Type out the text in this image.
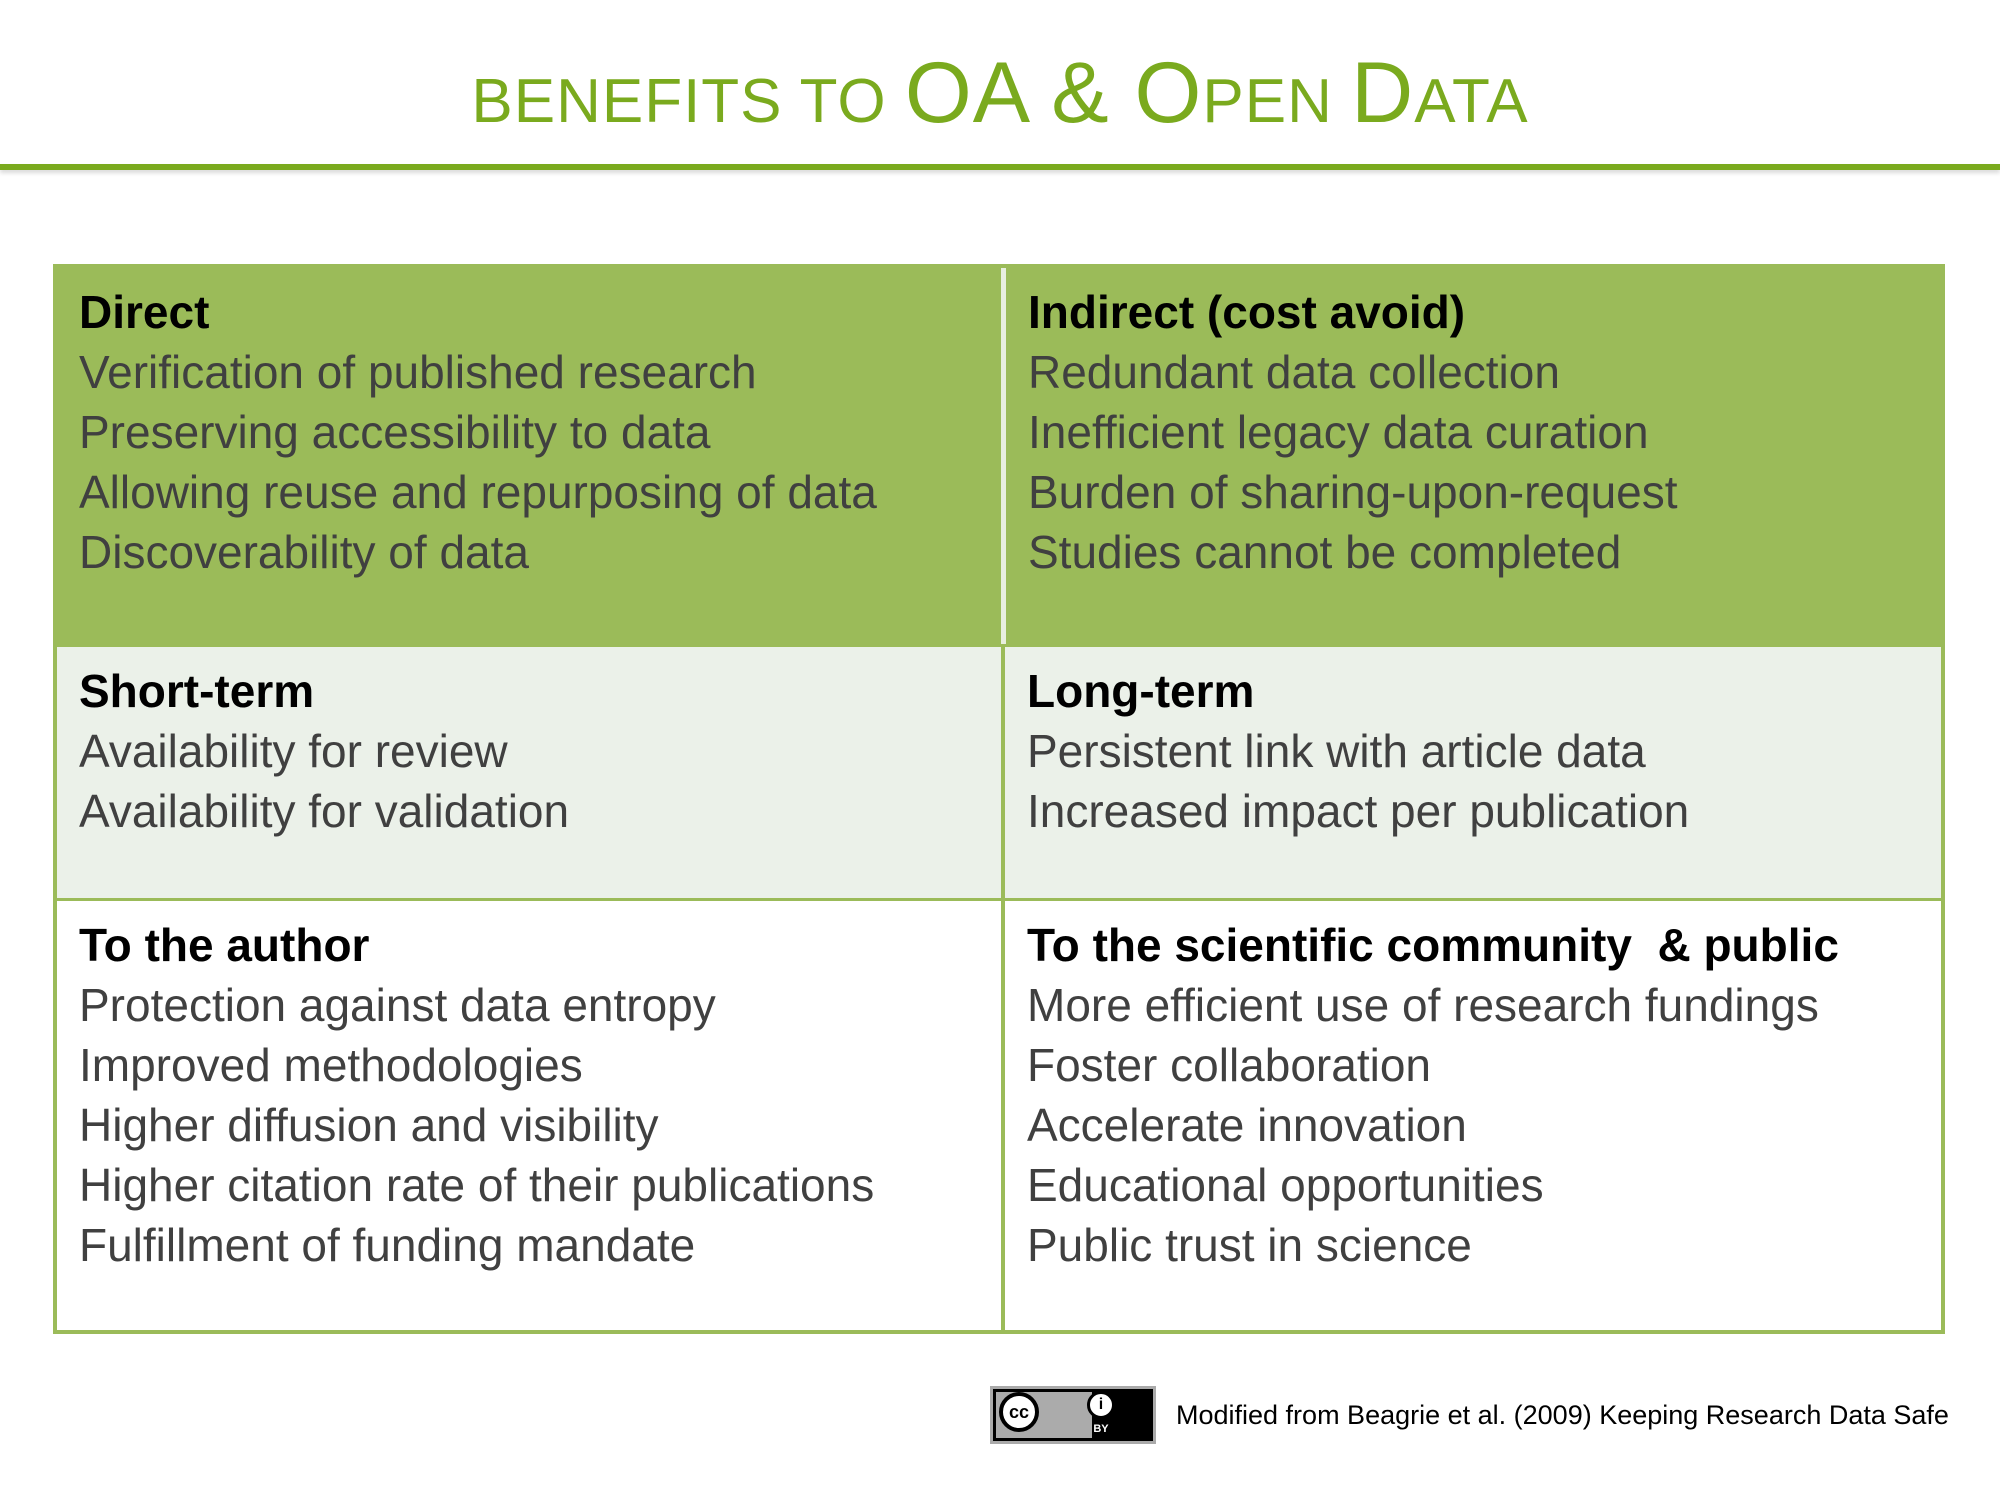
BENEFITS TO OA & OPEN DATA
Direct
Verification of published research
Preserving accessibility to data
Allowing reuse and repurposing of data
Discoverability of data
Indirect (cost avoid)
Redundant data collection
Inefficient legacy data curation
Burden of sharing-upon-request
Studies cannot be completed
Short-term
Availability for review
Availability for validation
Long-term
Persistent link with article data
Increased impact per publication
To the author
Protection against data entropy
Improved methodologies
Higher diffusion and visibility
Higher citation rate of their publications
Fulfillment of funding mandate
To the scientific community  & public
More efficient use of research fundings
Foster collaboration
Accelerate innovation
Educational opportunities
Public trust in science
cc	i
BY	Modified from Beagrie et al. (2009) Keeping Research Data Safe
